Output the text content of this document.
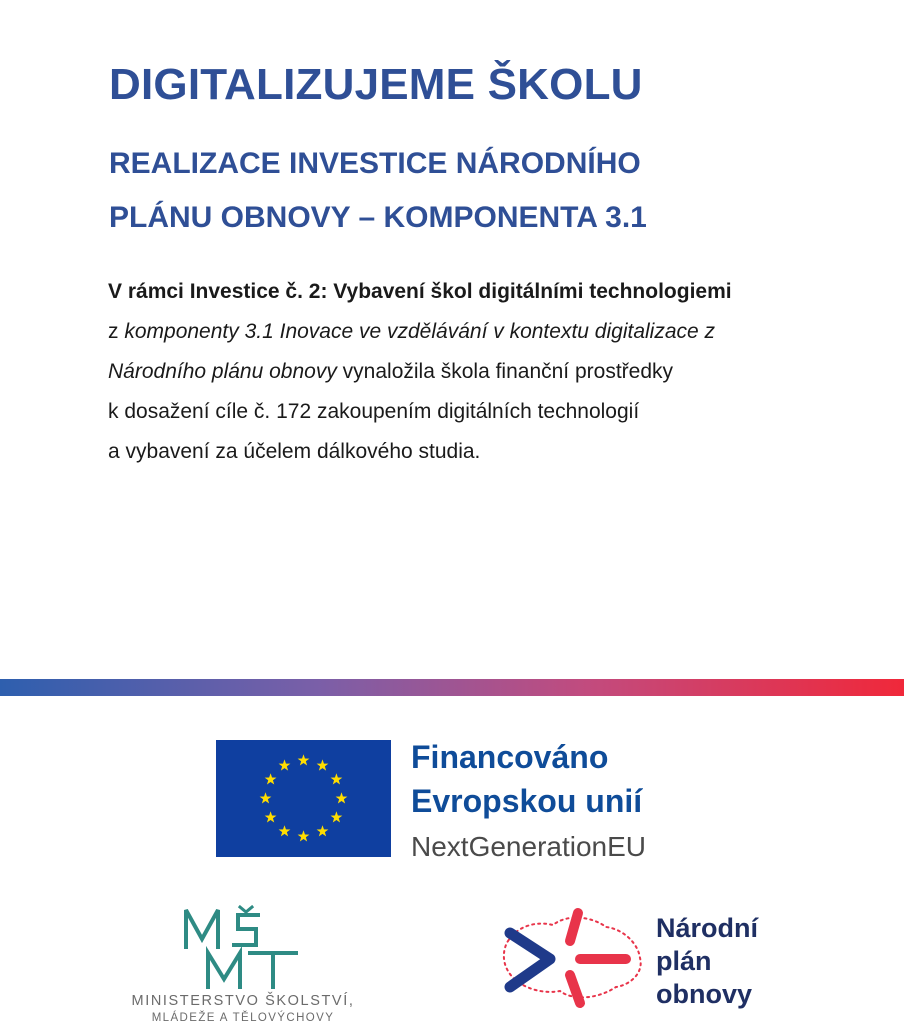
DIGITALIZUJEME ŠKOLU
REALIZACE INVESTICE NÁRODNÍHO
PLÁNU OBNOVY – KOMPONENTA 3.1
V rámci Investice č. 2: Vybavení škol digitálními technologiemi
z komponenty 3.1 Inovace ve vzdělávání v kontextu digitalizace z
Národního plánu obnovy vynaložila škola finanční prostředky
k dosažení cíle č. 172 zakoupením digitálních technologií
a vybavení za účelem dálkového studia.
Financováno
Evropskou unií
NextGenerationEU
MINISTERSTVO ŠKOLSTVÍ,
MLÁDEŽE A TĚLOVÝCHOVY
Národní
plán
obnovy
